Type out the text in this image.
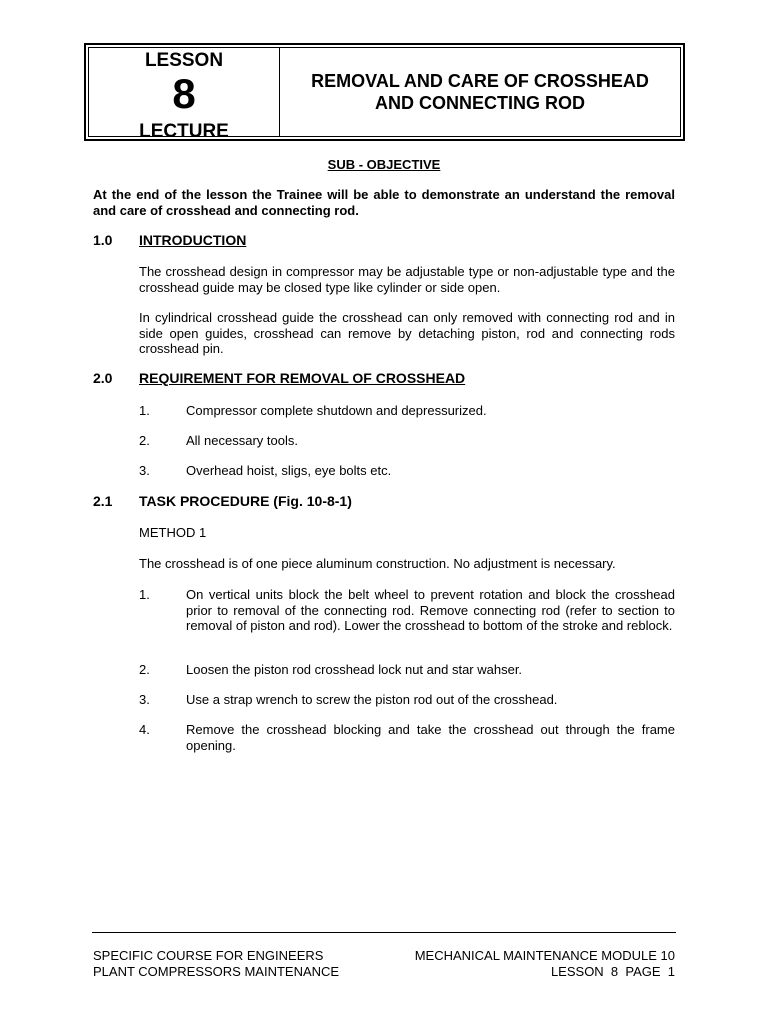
LESSON
8
LECTURE
REMOVAL AND CARE OF CROSSHEAD
AND CONNECTING ROD
SUB - OBJECTIVE
At the end of the lesson the Trainee will be able to demonstrate an understand the removal and care of crosshead and connecting rod.
1.0 INTRODUCTION
The crosshead design in compressor may be adjustable type or non-adjustable type and the crosshead guide may be closed type like cylinder or side open.
In cylindrical crosshead guide the crosshead can only removed with connecting rod and in side open guides, crosshead can remove by detaching piston, rod and connecting rods crosshead pin.
2.0 REQUIREMENT FOR REMOVAL OF CROSSHEAD
1.	Compressor complete shutdown and depressurized.
2.	All necessary tools.
3.	Overhead hoist, sligs, eye bolts etc.
2.1 TASK PROCEDURE (Fig. 10-8-1)
METHOD 1
The crosshead is of one piece aluminum construction. No adjustment is necessary.
1.	On vertical units block the belt wheel to prevent rotation and block the crosshead prior to removal of the connecting rod. Remove connecting rod (refer to section to removal of piston and rod). Lower the crosshead to bottom of the stroke and reblock.
2.	Loosen the piston rod crosshead lock nut and star wahser.
3.	Use a strap wrench to screw the piston rod out of the crosshead.
4.	Remove the crosshead blocking and take the crosshead out through the frame opening.
SPECIFIC COURSE FOR ENGINEERS
PLANT COMPRESSORS MAINTENANCE
MECHANICAL MAINTENANCE MODULE 10
LESSON  8  PAGE  1
